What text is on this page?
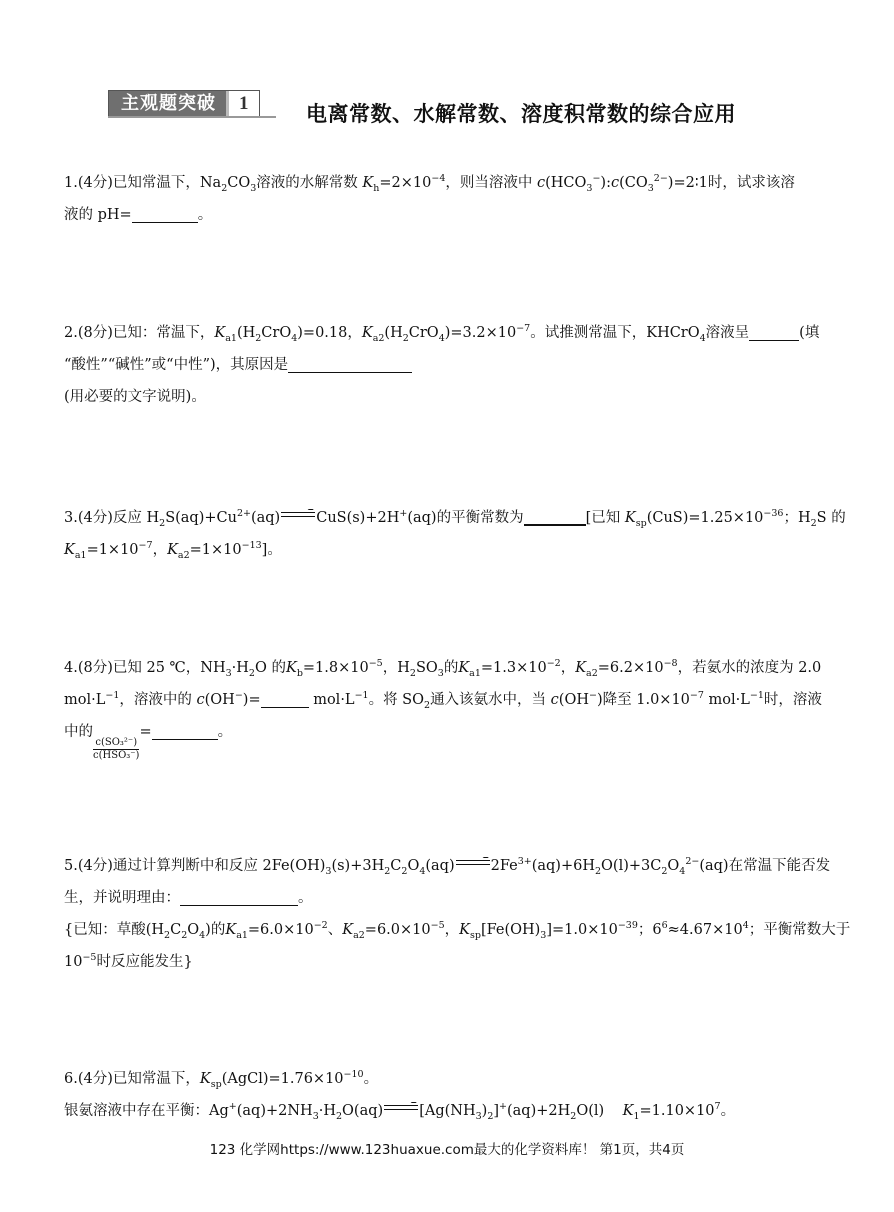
主观题突破	1	电离常数、水解常数、溶度积常数的综合应用
1.(4分)已知常温下，$Na_2CO_3$溶液的水解常数 $K_h=2\times 10^{-4}$，则当溶液中 $c(HCO_3^-):c(CO_3^{2-})=2∶1$时，试求该溶
液的 pH=	。
2.(8分)已知：常温下，$K_{a1}(H_2CrO_4)=0.18$，$K_{a2}(H_2CrO_4)=3.2\times 10^{-7}$。试推测常温下，KHCrO$_4$溶液呈	(填
“酸性”“碱性”或“中性”)，其原因是
(用必要的文字说明)。
3.(4分)反应 $H_2S(aq)+Cu^{2+}(aq)\to CuS(s)+2H^+(aq)$的平衡常数为	[已知 $K_{sp}(CuS)=1.25\times 10^{-36}$；$H_2S$ 的
$K_{a1}=1\times 10^{-7}$，$K_{a2}=1\times 10^{-13}$]。
4.(8分)已知 25 ℃，$NH_3\cdot H_2O$ 的$K_b=1.8\times 10^{-5}$，$H_2SO_3$的$K_{a1}=1.3\times 10^{-2}$，$K_{a2}=6.2\times 10^{-8}$，若氨水的浓度为 2.0
$mol\cdot L^{-1}$，溶液中的 c(OH−)=	$mol\cdot L^{-1}$。将 $SO_2$通入该氨水中，当 c(OH−)降至 $1.0\times 10^{-7}$ $mol\cdot L^{-1}$时，溶液
中的
$\frac{\text{c(SO₃²⁻)}}{\text{c(HSO₃⁻)}}$
=	。
5.(4分)通过计算判断中和反应 $2Fe(OH)_3(s)+3H_2C_2O_4(aq)\to 2Fe^{3+}(aq)+6H_2O(l)+3C_2O_4^{2-}(aq)$在常温下能否发
生，并说明理由：	。
{已知：草酸$(H_2C_2O_4)$的$K_{a1}=6.0\times 10^{-2}$、$K_{a2}=6.0\times 10^{-5}$，$K_{sp}[Fe(OH)_3]=1.0\times 10^{-39}$；$6^6\approx 4.67\times 10^4$；平衡常数大于
$10^{-5}$时反应能发生}
6.(4分)已知常温下，$K_{sp}(AgCl)=1.76\times 10^{-10}$。
银氨溶液中存在平衡：$Ag^+(aq)+2NH_3\cdot H_2O(aq)\to[Ag(NH_3)_2]^+(aq)+2H_2O(l)$ $K_1=1.10\times 10^7$。
123 化学网https://www.123huaxue.com最大的化学资料库！ 第1页，共4页
